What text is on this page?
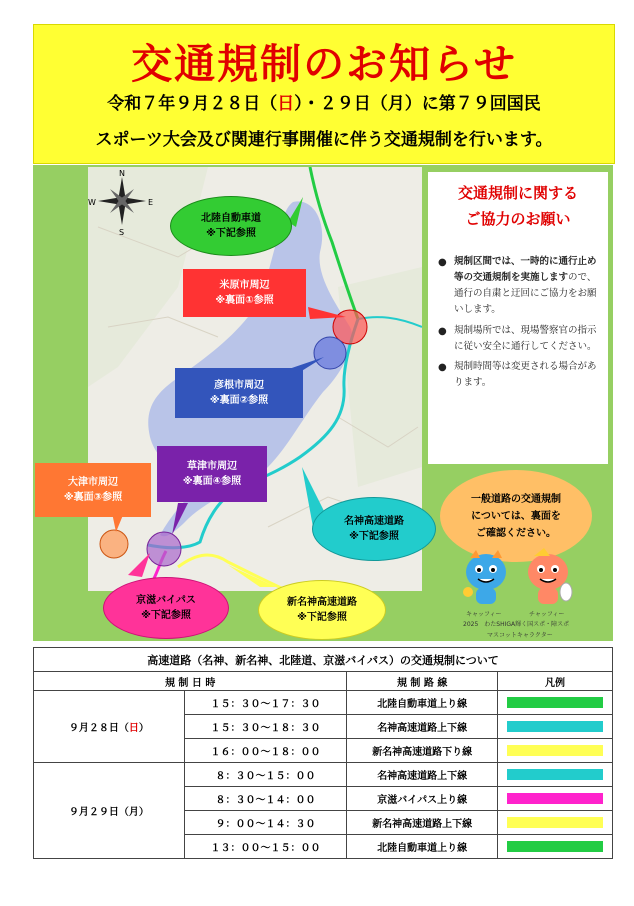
交通規制のお知らせ
令和７年９月２８日（日）・２９日（月）に第７９回国民
スポーツ大会及び関連行事開催に伴う交通規制を行います。
N
S
E
W
北陸自動車道
※下記参照
米原市周辺
※裏面①参照
彦根市周辺
※裏面②参照
草津市周辺
※裏面④参照
大津市周辺
※裏面③参照
名神高速道路
※下記参照
京滋バイパス
※下記参照
新名神高速道路
※下記参照
交通規制に関する
ご協力のお願い
● 規制区間では、一時的に通行止め等の交通規制を実施しますので、通行の自粛と迂回にご協力をお願いします。
● 規制場所では、現場警察官の指示に従い安全に通行してください。
● 規制時間等は変更される場合があります。
一般道路の交通規制
については、裏面を
ご確認ください。
キャッフィー	チャッフィー
2025　わたSHIGA輝く国スポ・障スポ
マスコットキャラクター
高速道路（名神、新名神、北陸道、京滋バイパス）の交通規制について			
規 制 日 時		規 制 路 線	凡例
９月２８日（日）	１５：３０～１７：３０	北陸自動車道上り線	
	１５：３０～１８：３０	名神高速道路上下線	
	１６：００～１８：００	新名神高速道路下り線	
９月２９日（月）	８：３０～１５：００	名神高速道路上下線	
	８：３０～１４：００	京滋バイパス上り線	
	９：００～１４：３０	新名神高速道路上下線	
	１３：００～１５：００	北陸自動車道上り線	
